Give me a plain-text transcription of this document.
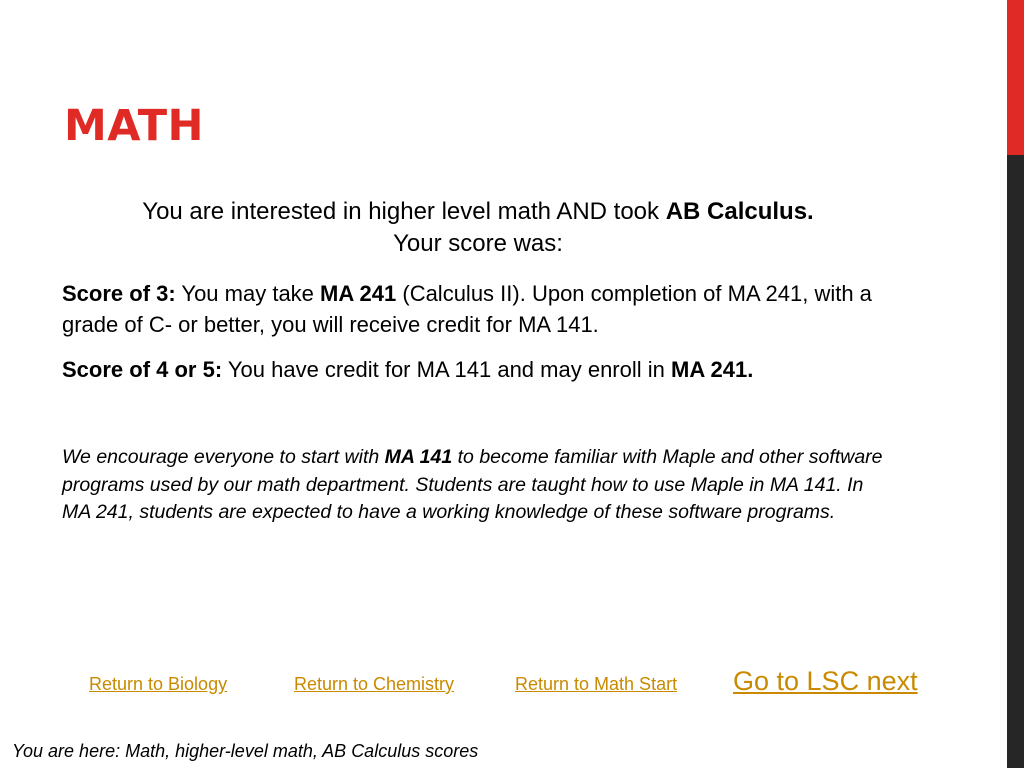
MATH

You are interested in higher level math AND took AB Calculus.
Your score was:

Score of 3: You may take MA 241 (Calculus II). Upon completion of MA 241, with a grade of C- or better, you will receive credit for MA 141.

Score of 4 or 5: You have credit for MA 141 and may enroll in MA 241.

We encourage everyone to start with MA 141 to become familiar with Maple and other software programs used by our math department. Students are taught how to use Maple in MA 141. In MA 241, students are expected to have a working knowledge of these software programs.

Return to Biology	Return to Chemistry	Return to Math Start Go to LSC next
You are here: Math, higher-level math, AB Calculus scores
